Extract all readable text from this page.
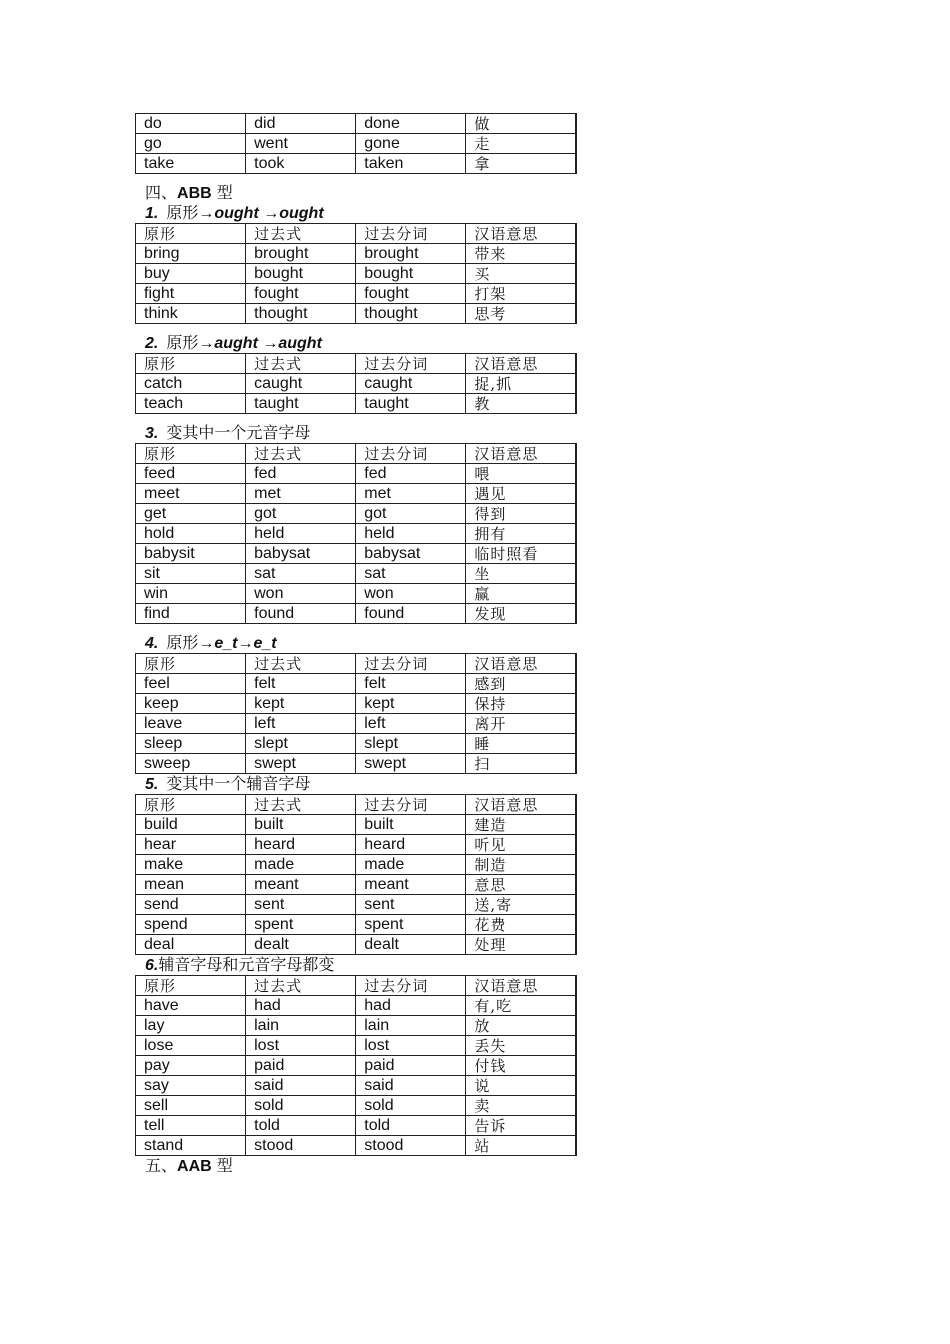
do	did	done	做
go	went	gone	走
take	took	taken	拿
四、ABB 型
1. 原形→ought →ought
原形	过去式	过去分词	汉语意思
bring	brought	brought	带来
buy	bought	bought	买
fight	fought	fought	打架
think	thought	thought	思考
2. 原形→aught →aught
原形	过去式	过去分词	汉语意思
catch	caught	caught	捉,抓
teach	taught	taught	教
3. 变其中一个元音字母
原形	过去式	过去分词	汉语意思
feed	fed	fed	喂
meet	met	met	遇见
get	got	got	得到
hold	held	held	拥有
babysit	babysat	babysat	临时照看
sit	sat	sat	坐
win	won	won	赢
find	found	found	发现
4. 原形→e_t→e_t
原形	过去式	过去分词	汉语意思
feel	felt	felt	感到
keep	kept	kept	保持
leave	left	left	离开
sleep	slept	slept	睡
sweep	swept	swept	扫
5. 变其中一个辅音字母
原形	过去式	过去分词	汉语意思
build	built	built	建造
hear	heard	heard	听见
make	made	made	制造
mean	meant	meant	意思
send	sent	sent	送,寄
spend	spent	spent	花费
deal	dealt	dealt	处理
6.辅音字母和元音字母都变
原形	过去式	过去分词	汉语意思
have	had	had	有,吃
lay	lain	lain	放
lose	lost	lost	丢失
pay	paid	paid	付钱
say	said	said	说
sell	sold	sold	卖
tell	told	told	告诉
stand	stood	stood	站
五、AAB 型
